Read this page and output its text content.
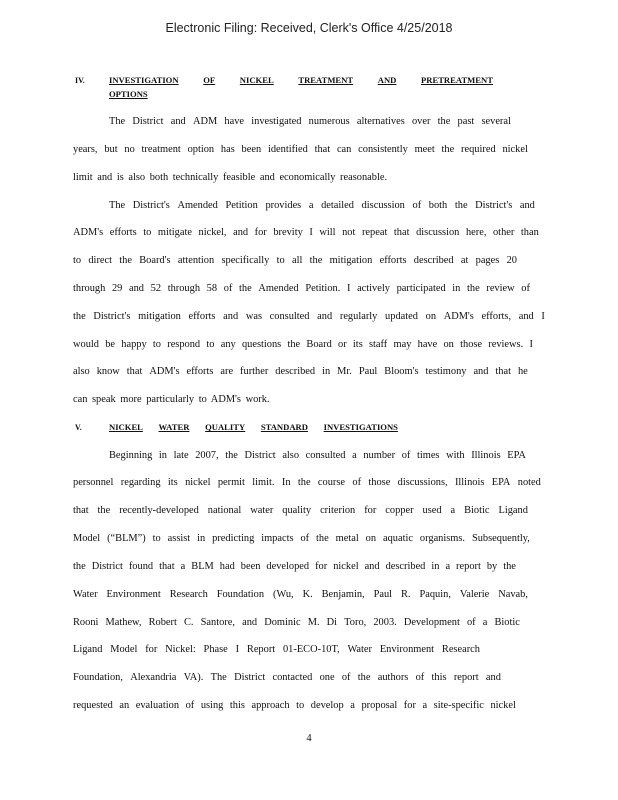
Electronic Filing: Received, Clerk's Office 4/25/2018
IV.	INVESTIGATION	OF	NICKEL	TREATMENT	AND	PRETREATMENT
OPTIONS
The District and ADM have investigated numerous alternatives over the past several
years, but no treatment option has been identified that can consistently meet the required nickel
limit and is also both technically feasible and economically reasonable.
The District's Amended Petition provides a detailed discussion of both the District's and
ADM's efforts to mitigate nickel, and for brevity I will not repeat that discussion here, other than
to direct the Board's attention specifically to all the mitigation efforts described at pages 20
through 29 and 52 through 58 of the Amended Petition. I actively participated in the review of
the District's mitigation efforts and was consulted and regularly updated on ADM's efforts, and I
would be happy to respond to any questions the Board or its staff may have on those reviews. I
also know that ADM's efforts are further described in Mr. Paul Bloom's testimony and that he
can speak more particularly to ADM's work.
V.	NICKEL WATER QUALITY STANDARD INVESTIGATIONS
Beginning in late 2007, the District also consulted a number of times with Illinois EPA
personnel regarding its nickel permit limit. In the course of those discussions, Illinois EPA noted
that the recently-developed national water quality criterion for copper used a Biotic Ligand
Model (“BLM”) to assist in predicting impacts of the metal on aquatic organisms. Subsequently,
the District found that a BLM had been developed for nickel and described in a report by the
Water Environment Research Foundation (Wu, K. Benjamin, Paul R. Paquin, Valerie Navab,
Rooni Mathew, Robert C. Santore, and Dominic M. Di Toro, 2003. Development of a Biotic
Ligand Model for Nickel: Phase I Report 01-ECO-10T, Water Environment Research
Foundation, Alexandria VA). The District contacted one of the authors of this report and
requested an evaluation of using this approach to develop a proposal for a site-specific nickel
4
